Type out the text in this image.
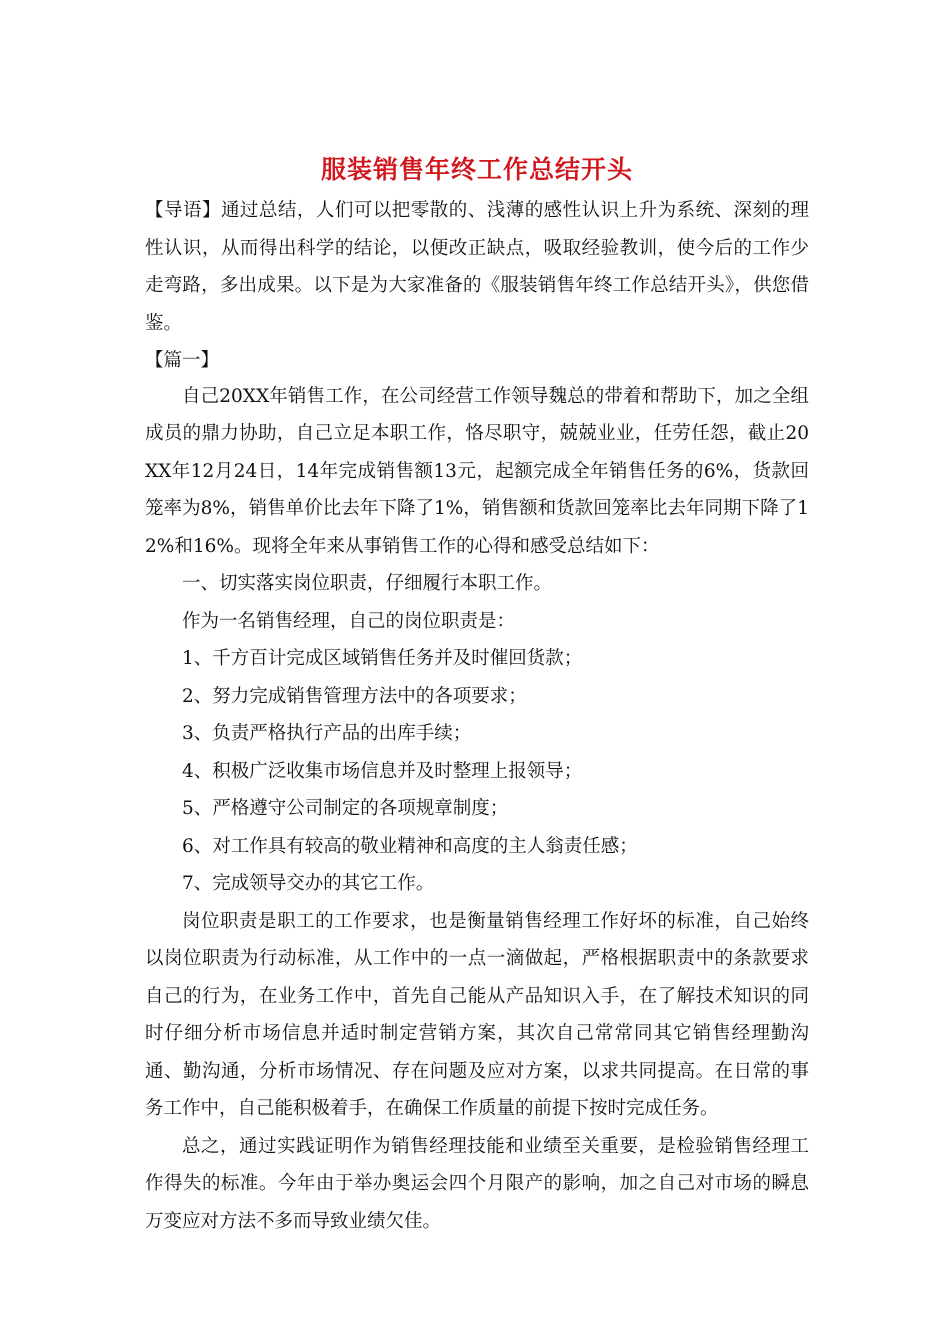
服装销售年终工作总结开头

【导语】通过总结，人们可以把零散的、浅薄的感性认识上升为系统、深刻的理性认识，从而得出科学的结论，以便改正缺点，吸取经验教训，使今后的工作少走弯路，多出成果。以下是为大家准备的《服装销售年终工作总结开头》，供您借鉴。

【篇一】

自己20XX年销售工作，在公司经营工作领导魏总的带着和帮助下，加之全组成员的鼎力协助，自己立足本职工作，恪尽职守，兢兢业业，任劳任怨，截止20XX年12月24日，14年完成销售额13元，起额完成全年销售任务的6%，货款回笼率为8%，销售单价比去年下降了1%，销售额和货款回笼率比去年同期下降了12%和16%。现将全年来从事销售工作的心得和感受总结如下：

一、切实落实岗位职责，仔细履行本职工作。

作为一名销售经理，自己的岗位职责是：

1、千方百计完成区域销售任务并及时催回货款；

2、努力完成销售管理方法中的各项要求；

3、负责严格执行产品的出库手续；

4、积极广泛收集市场信息并及时整理上报领导；

5、严格遵守公司制定的各项规章制度；

6、对工作具有较高的敬业精神和高度的主人翁责任感；

7、完成领导交办的其它工作。

岗位职责是职工的工作要求，也是衡量销售经理工作好坏的标准，自己始终以岗位职责为行动标准，从工作中的一点一滴做起，严格根据职责中的条款要求自己的行为，在业务工作中，首先自己能从产品知识入手，在了解技术知识的同时仔细分析市场信息并适时制定营销方案，其次自己常常同其它销售经理勤沟通、勤沟通，分析市场情况、存在问题及应对方案，以求共同提高。在日常的事务工作中，自己能积极着手，在确保工作质量的前提下按时完成任务。

总之，通过实践证明作为销售经理技能和业绩至关重要，是检验销售经理工作得失的标准。今年由于举办奥运会四个月限产的影响，加之自己对市场的瞬息万变应对方法不多而导致业绩欠佳。
